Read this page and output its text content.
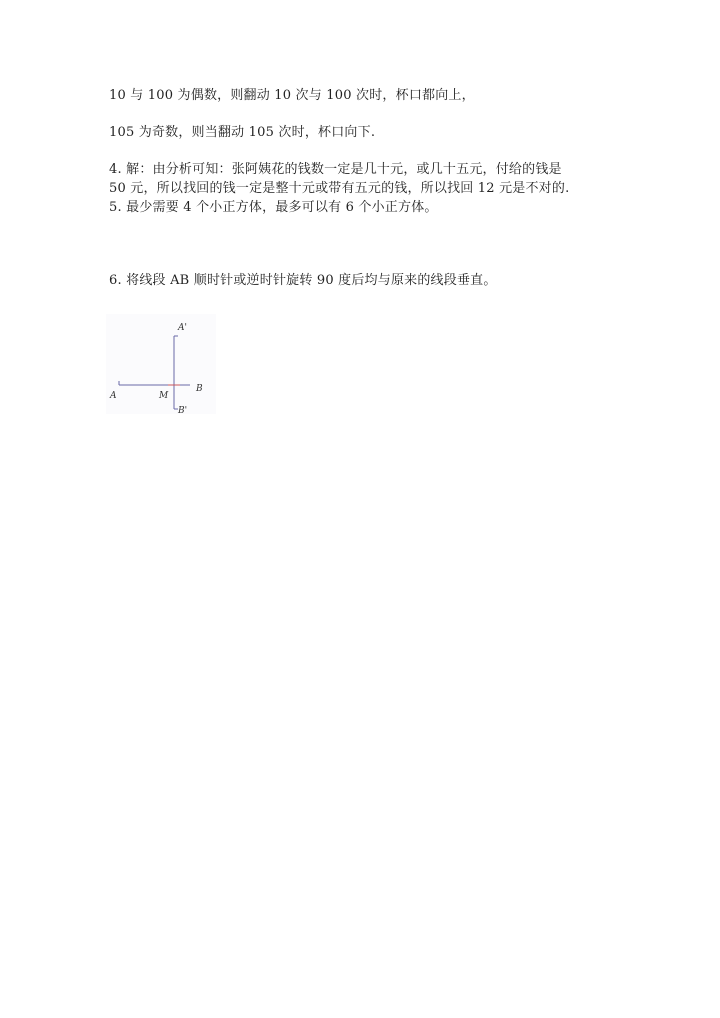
10 与 100 为偶数，则翻动 10 次与 100 次时，杯口都向上，
105 为奇数，则当翻动 105 次时，杯口向下.
4. 解：由分析可知：张阿姨花的钱数一定是几十元，或几十五元，付给的钱是
50 元，所以找回的钱一定是整十元或带有五元的钱，所以找回 12 元是不对的.
5. 最少需要 4 个小正方体，最多可以有 6 个小正方体。
6. 将线段 AB 顺时针或逆时针旋转 90 度后均与原来的线段垂直。
A
B
A'
B'
M
